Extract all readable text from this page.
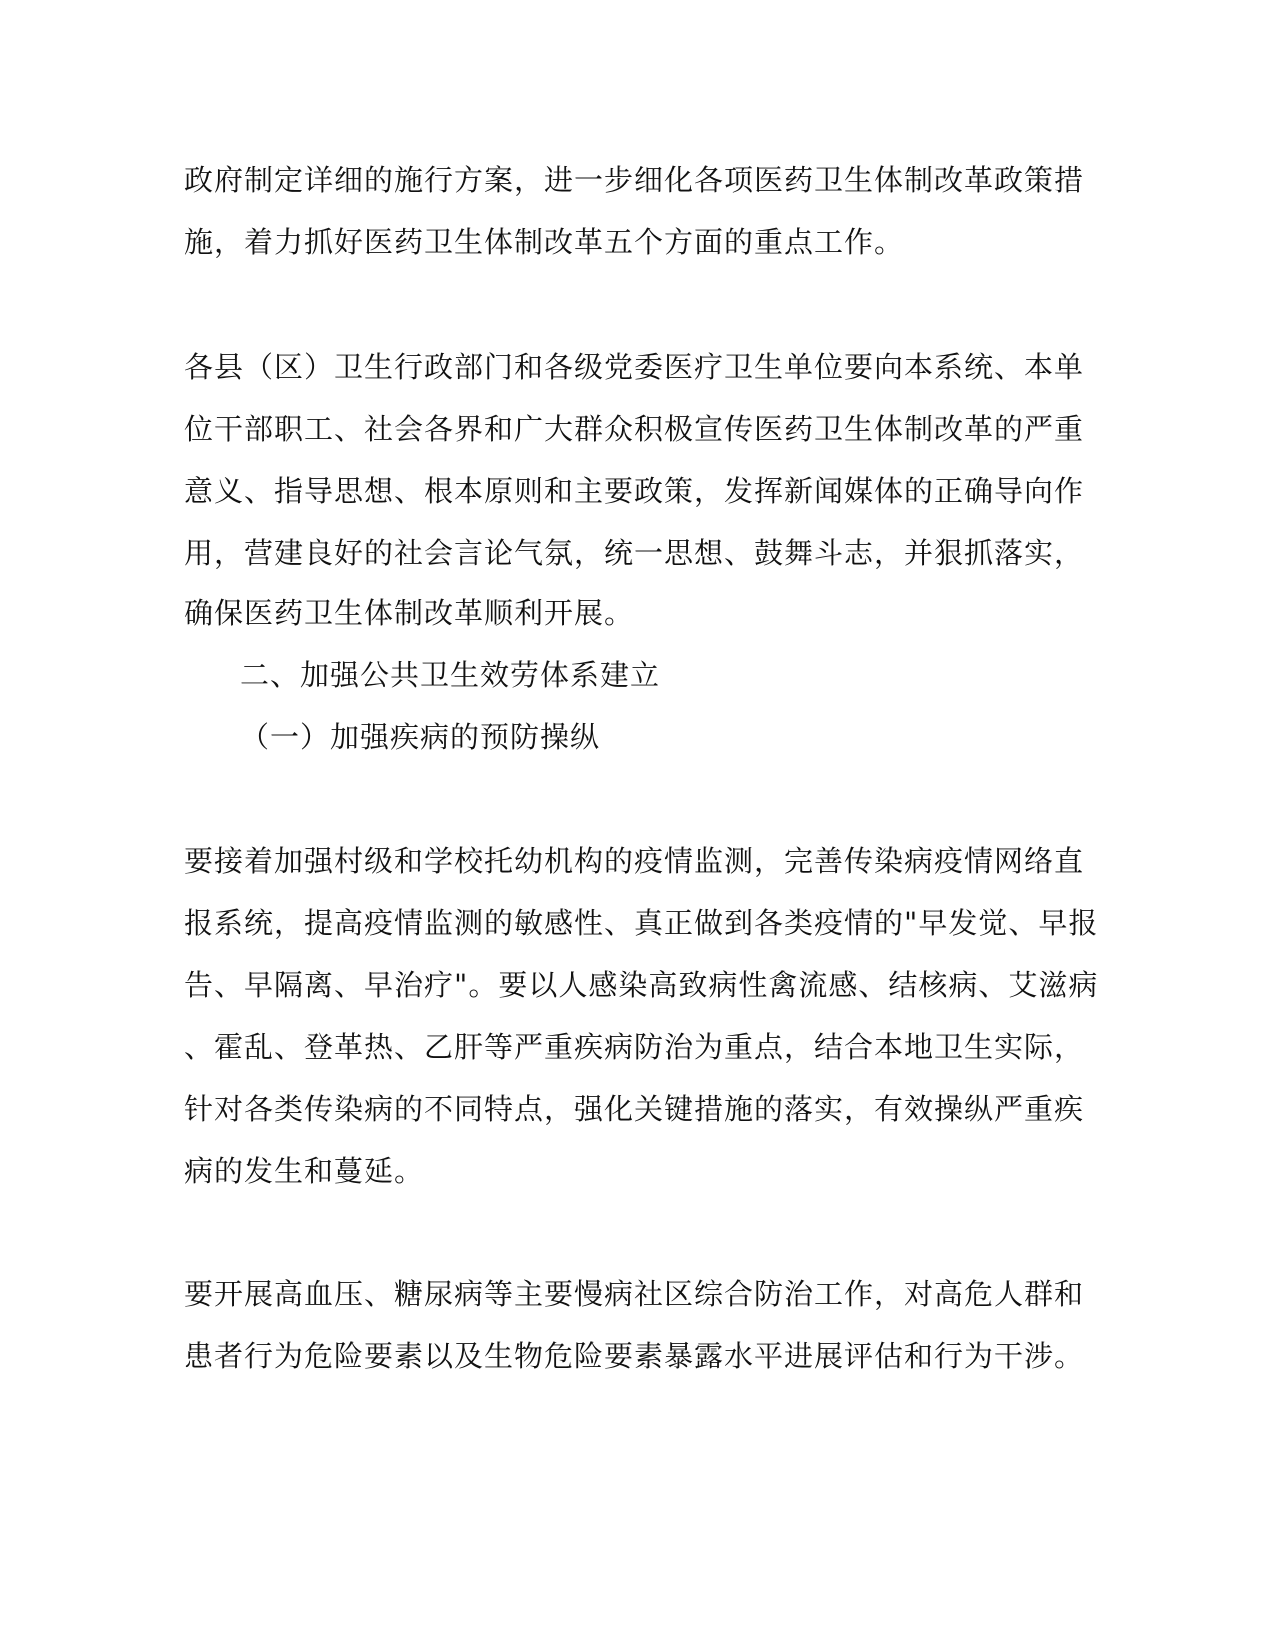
政府制定详细的施行方案，进一步细化各项医药卫生体制改革政策措
施，着力抓好医药卫生体制改革五个方面的重点工作。
各县（区）卫生行政部门和各级党委医疗卫生单位要向本系统、本单
位干部职工、社会各界和广大群众积极宣传医药卫生体制改革的严重
意义、指导思想、根本原则和主要政策，发挥新闻媒体的正确导向作
用，营建良好的社会言论气氛，统一思想、鼓舞斗志，并狠抓落实，
确保医药卫生体制改革顺利开展。
二、加强公共卫生效劳体系建立
（一）加强疾病的预防操纵
要接着加强村级和学校托幼机构的疫情监测，完善传染病疫情网络直
报系统，提高疫情监测的敏感性、真正做到各类疫情的"早发觉、早报
告、早隔离、早治疗"。要以人感染高致病性禽流感、结核病、艾滋病
、霍乱、登革热、乙肝等严重疾病防治为重点，结合本地卫生实际，
针对各类传染病的不同特点，强化关键措施的落实，有效操纵严重疾
病的发生和蔓延。
要开展高血压、糖尿病等主要慢病社区综合防治工作，对高危人群和
患者行为危险要素以及生物危险要素暴露水平进展评估和行为干涉。
